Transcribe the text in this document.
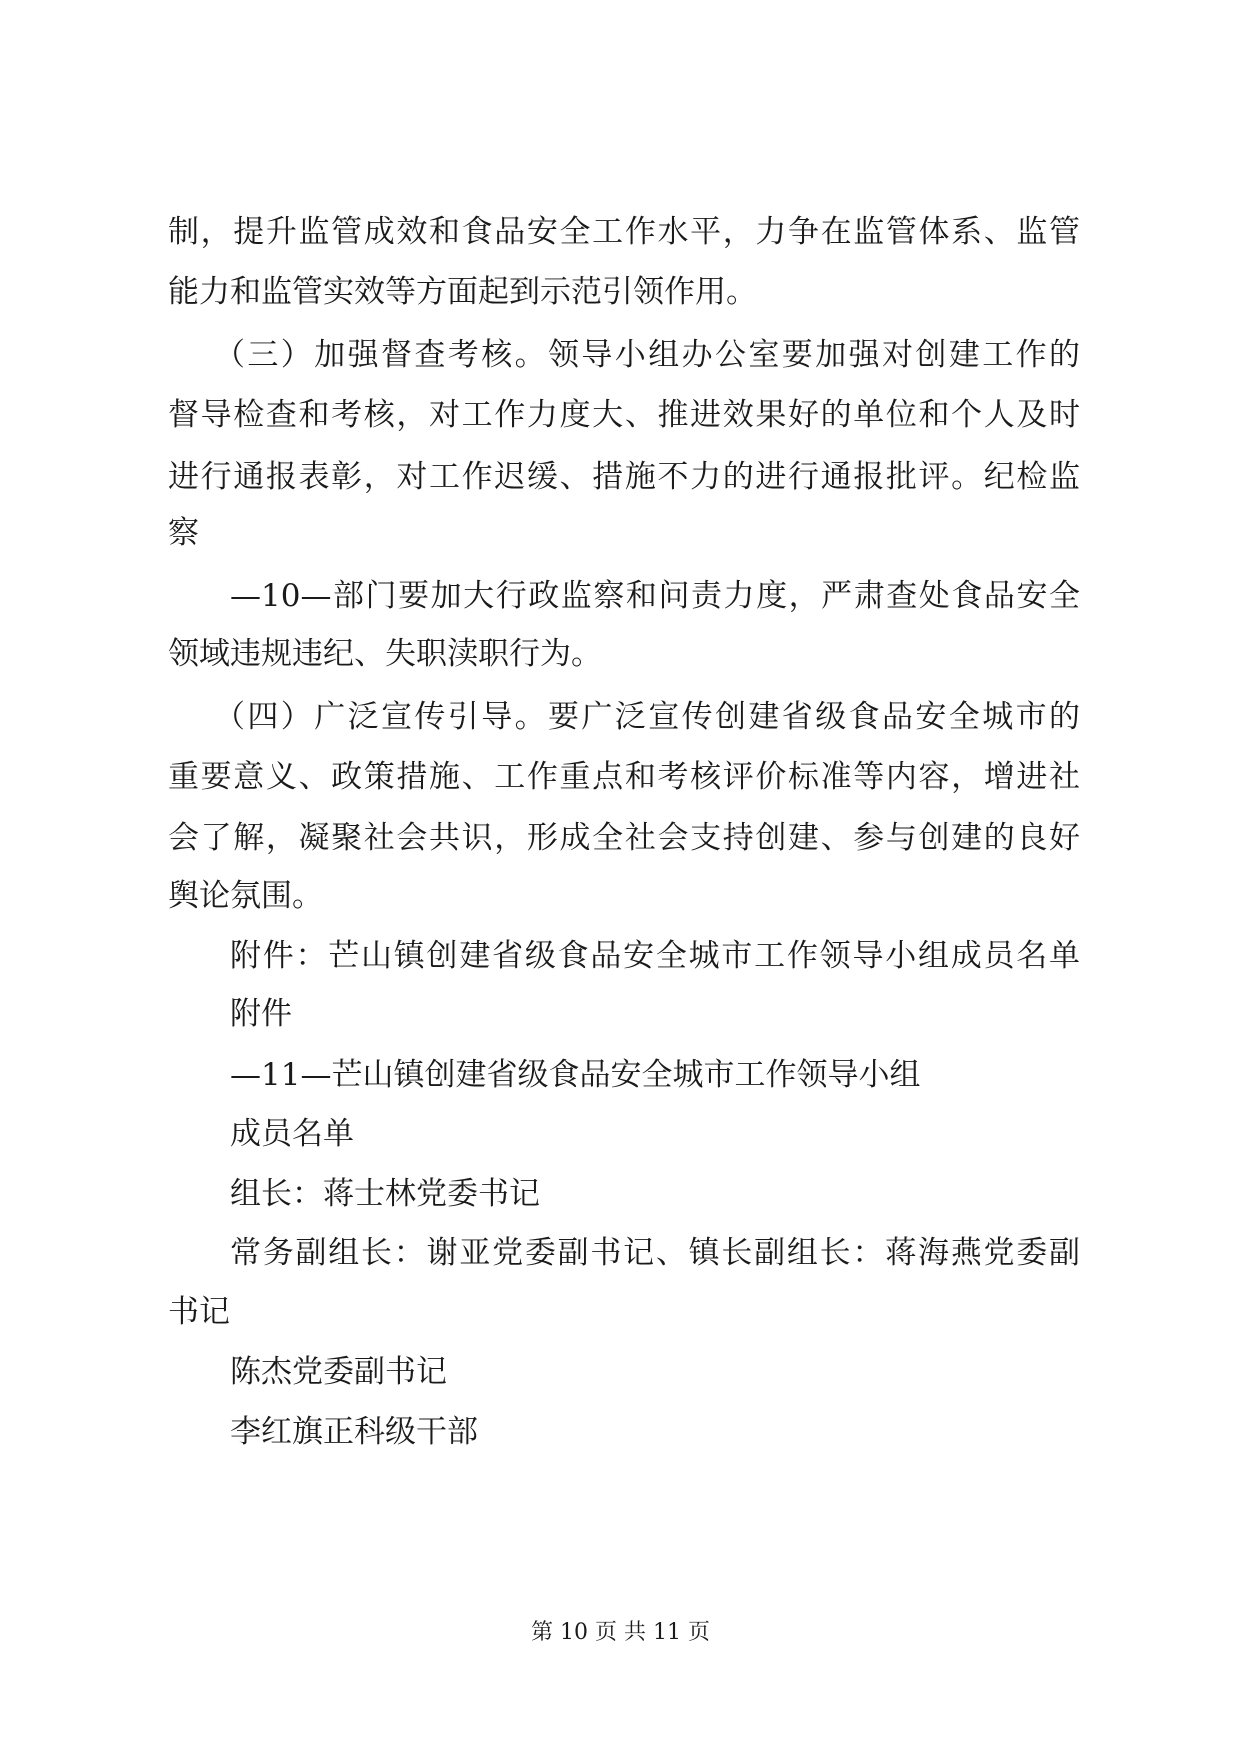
制，提升监管成效和食品安全工作水平，力争在监管体系、监管
能力和监管实效等方面起到示范引领作用。
（三）加强督查考核。领导小组办公室要加强对创建工作的
督导检查和考核，对工作力度大、推进效果好的单位和个人及时
进行通报表彰，对工作迟缓、措施不力的进行通报批评。纪检监
察
—10—部门要加大行政监察和问责力度，严肃查处食品安全
领域违规违纪、失职渎职行为。
（四）广泛宣传引导。要广泛宣传创建省级食品安全城市的
重要意义、政策措施、工作重点和考核评价标准等内容，增进社
会了解，凝聚社会共识，形成全社会支持创建、参与创建的良好
舆论氛围。
附件：芒山镇创建省级食品安全城市工作领导小组成员名单
附件
—11—芒山镇创建省级食品安全城市工作领导小组
成员名单
组长：蒋士林党委书记
常务副组长：谢亚党委副书记、镇长副组长：蒋海燕党委副
书记
陈杰党委副书记
李红旗正科级干部
第 10 页 共 11 页
